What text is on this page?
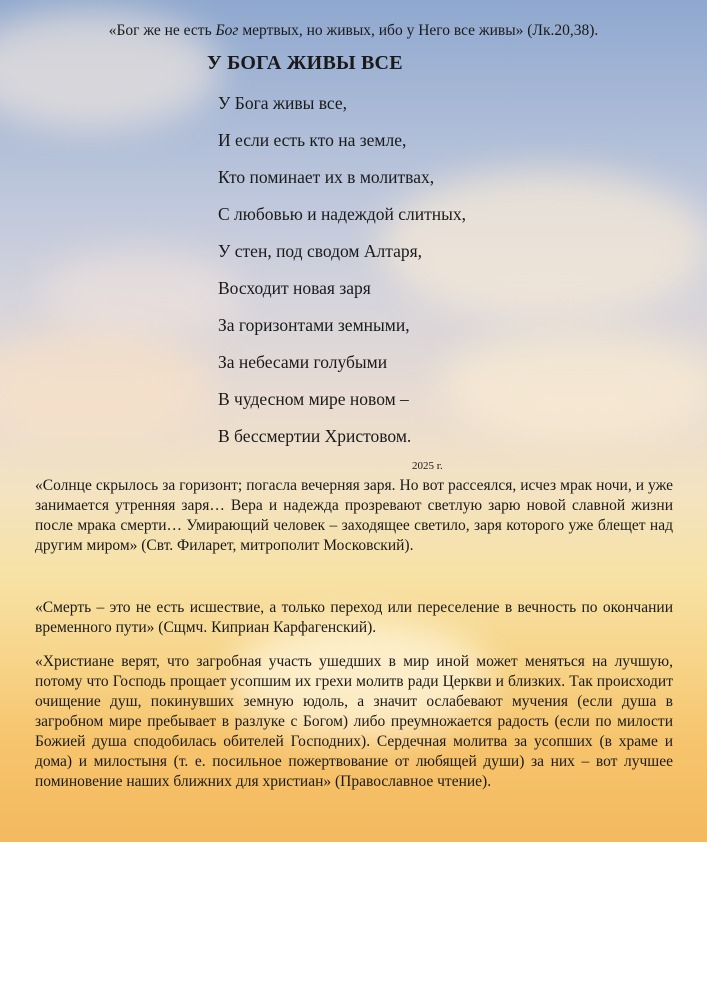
«Бог же не есть Бог мертвых, но живых, ибо у Него все живы» (Лк.20,38).
У БОГА ЖИВЫ ВСЕ
У Бога живы все,
И если есть кто на земле,
Кто поминает их в молитвах,
С любовью и надеждой слитных,
У стен, под сводом Алтаря,
Восходит новая заря
За горизонтами земными,
За небесами голубыми
В чудесном мире новом –
В бессмертии Христовом.
2025 г.

«Солнце скрылось за горизонт; погасла вечерняя заря. Но вот рассеялся, исчез мрак ночи, и уже занимается утренняя заря… Вера и надежда прозревают светлую зарю новой славной жизни после мрака смерти… Умирающий человек – заходящее светило, заря которого уже блещет над другим миром» (Свт. Филарет, митрополит Московский).

«Смерть – это не есть исшествие, а только переход или переселение в вечность по окончании временного пути» (Сщмч. Киприан Карфагенский).

«Христиане верят, что загробная участь ушедших в мир иной может меняться на лучшую, потому что Господь прощает усопшим их грехи молитв ради Церкви и близких. Так происходит очищение душ, покинувших земную юдоль, а значит ослабевают мучения (если душа в загробном мире пребывает в разлуке с Богом) либо преумножается радость (если по милости Божией душа сподобилась обителей Господних). Сердечная молитва за усопших (в храме и дома) и милостыня (т. е. посильное пожертвование от любящей души) за них – вот лучшее поминовение наших ближних для христиан» (Православное чтение).
